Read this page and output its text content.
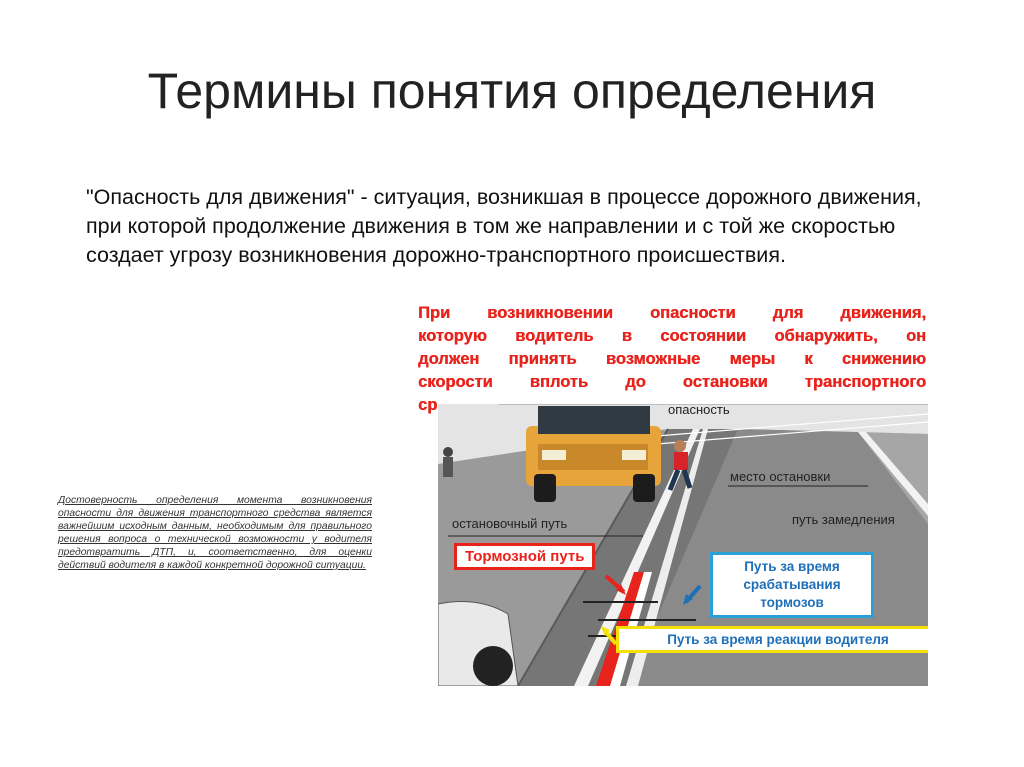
Термины понятия определения
"Опасность для движения" - ситуация, возникшая в процессе дорожного движения, при которой продолжение движения в том же направлении и с той же скоростью создает угрозу возникновения дорожно-транспортного происшествия.
Достоверность определения момента возникновения опасности для движения транспортного средства является важнейшим исходным данным, необходимым для правильного решения вопроса о технической возможности у водителя предотвратить ДТП, и, соответственно, для оценки действий водителя в каждой конкретной дорожной ситуации.
При возникновении опасности для движения,
которую водитель в состоянии обнаружить, он
должен принять возможные меры к снижению
скорости вплоть до остановки транспортного
ср	опасность
место остановки
остановочный путь	путь замедления
Тормозной путь
Путь за время срабатывания тормозов
Путь за время реакции водителя
